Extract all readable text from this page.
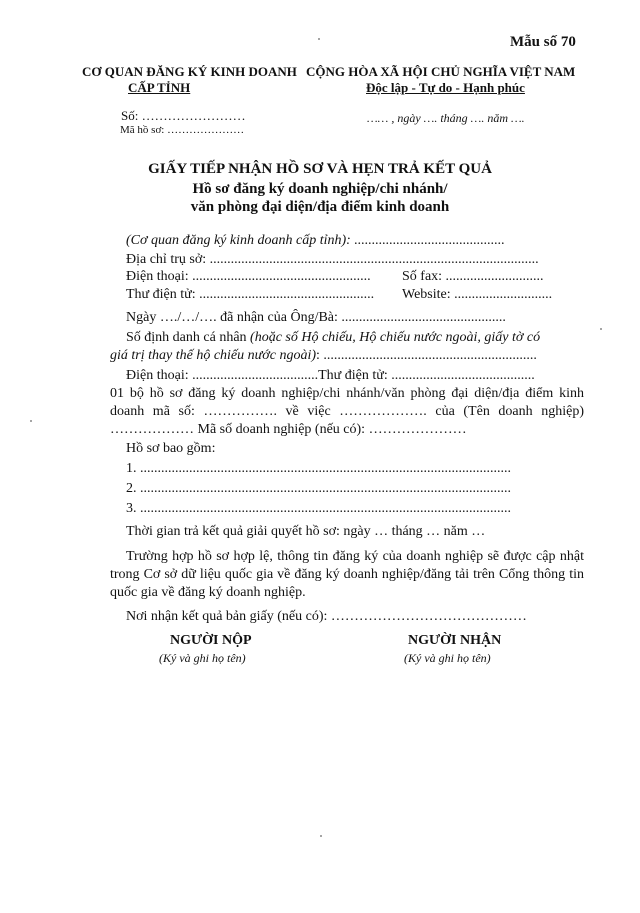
Mẫu số 70
CƠ QUAN ĐĂNG KÝ KINH DOANH
CẤP TỈNH
CỘNG HÒA XÃ HỘI CHỦ NGHĨA VIỆT NAM
Độc lập - Tự do - Hạnh phúc
Số: ……………………
Mã hồ sơ: …………………
…… , ngày …. tháng …. năm ….
GIẤY TIẾP NHẬN HỒ SƠ VÀ HẸN TRẢ KẾT QUẢ
Hồ sơ đăng ký doanh nghiệp/chi nhánh/
văn phòng đại diện/địa điểm kinh doanh
(Cơ quan đăng ký kinh doanh cấp tỉnh): ...........................................
Địa chỉ trụ sở: ..............................................................................................
Điện thoại: ................................................... Số fax: ............................
Thư điện tử: .................................................. Website: ............................
Ngày …./…/…. đã nhận của Ông/Bà: ...............................................
Số định danh cá nhân (hoặc số Hộ chiếu, Hộ chiếu nước ngoài, giấy tờ có
giá trị thay thế hộ chiếu nước ngoài): .............................................................
Điện thoại: ....................................Thư điện tử: .........................................
01 bộ hồ sơ đăng ký doanh nghiệp/chi nhánh/văn phòng đại diện/địa điểm kinh doanh mã số: ……………. về việc ………………. của (Tên doanh nghiệp) ……………… Mã số doanh nghiệp (nếu có): …………………
Hồ sơ bao gồm:
1. ..........................................................................................................
2. ..........................................................................................................
3. ..........................................................................................................
Thời gian trả kết quả giải quyết hồ sơ: ngày … tháng … năm …
Trường hợp hồ sơ hợp lệ, thông tin đăng ký của doanh nghiệp sẽ được cập nhật trong Cơ sở dữ liệu quốc gia về đăng ký doanh nghiệp/đăng tải trên Cổng thông tin quốc gia về đăng ký doanh nghiệp.
Nơi nhận kết quả bản giấy (nếu có): ……………………………………
NGƯỜI NỘP
(Ký và ghi họ tên)
NGƯỜI NHẬN
(Ký và ghi họ tên)
